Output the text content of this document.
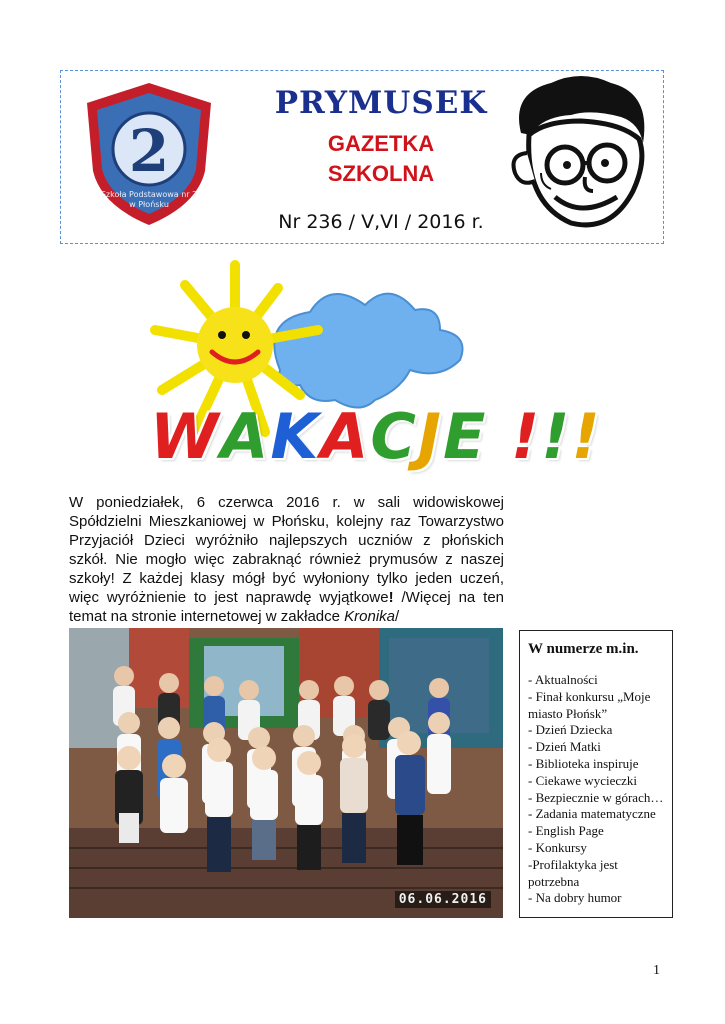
2
Szkoła Podstawowa nr 2
w Płońsku
PRYMUSEK
GAZETKA
SZKOLNA
Nr 236 / V,VI / 2016 r.
WAKACJE !!!
W poniedziałek, 6 czerwca 2016 r. w sali widowiskowej Spółdzielni Mieszkaniowej w Płońsku, kolejny raz Towarzystwo Przyjaciół Dzieci wyróżniło najlepszych uczniów z płońskich szkół. Nie mogło więc zabraknąć również prymusów z naszej szkoły! Z każdej klasy mógł być wyłoniony tylko jeden uczeń, więc wyróżnienie to jest naprawdę wyjątkowe! /Więcej na ten temat na stronie internetowej w zakładce Kronika/
06.06.2016
W numerze m.in.
- Aktualności
- Finał konkursu „Moje miasto Płońsk”
- Dzień Dziecka
- Dzień Matki
- Biblioteka inspiruje
- Ciekawe wycieczki
- Bezpiecznie w górach…
- Zadania matematyczne
- English Page
- Konkursy
-Profilaktyka jest potrzebna
- Na dobry humor
1
